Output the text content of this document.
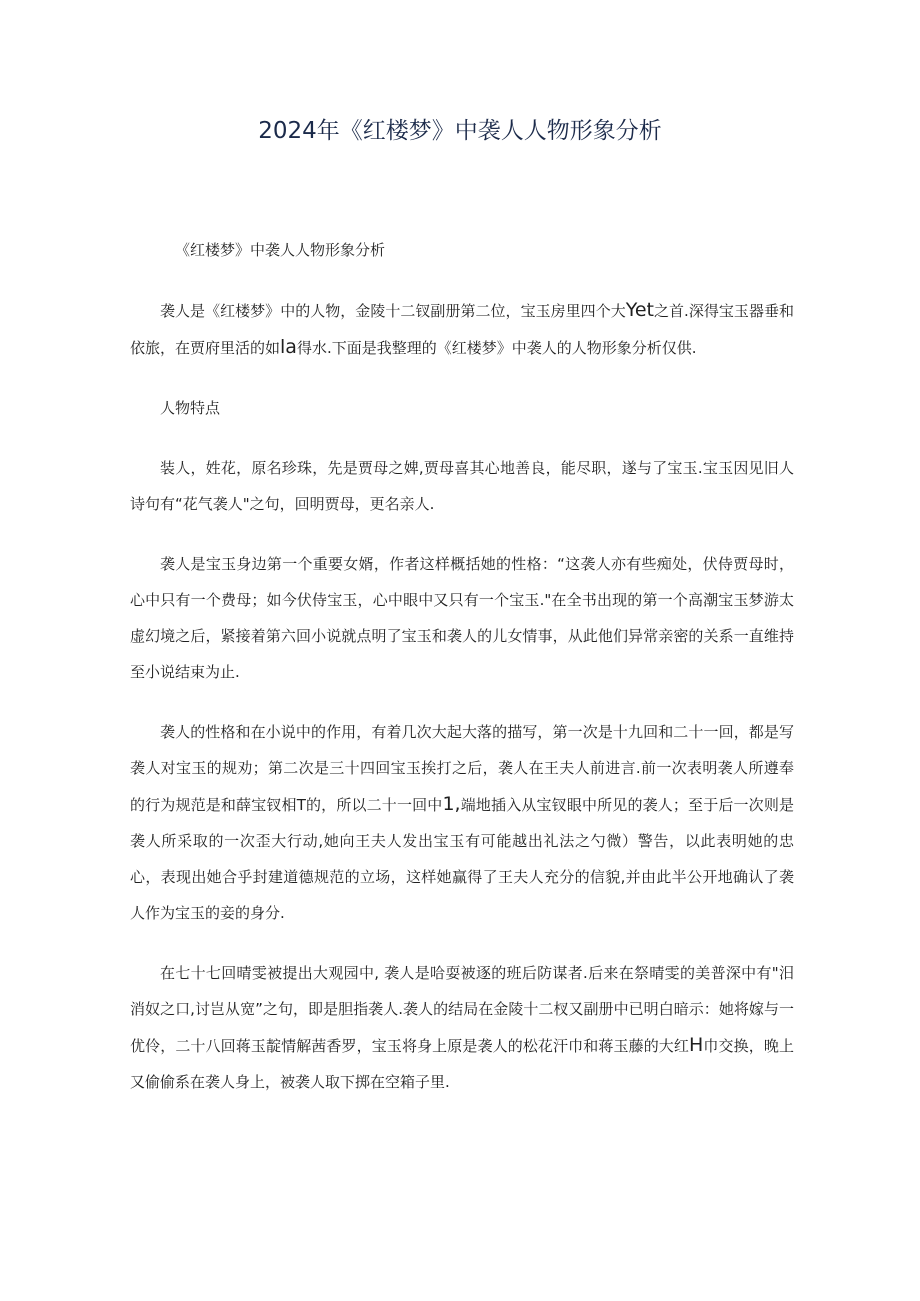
2024年《红楼梦》中袭人人物形象分析

《红楼梦》中袭人人物形象分析

袭人是《红楼梦》中的人物，金陵十二钗副册第二位，宝玉房里四个大Yet之首.深得宝玉器垂和依旅，在贾府里活的如la得水.下面是我整理的《红楼梦》中袭人的人物形象分析仅供.

人物特点

装人，姓花，原名珍珠，先是贾母之婢,贾母喜其心地善良，能尽职，遂与了宝玉.宝玉因见旧人诗句有“花气袭人"之句，回明贾母，更名亲人.

袭人是宝玉身边第一个重要女婿，作者这样概括她的性格：“这袭人亦有些痴处，伏侍贾母时，心中只有一个费母；如今伏侍宝玉，心中眼中又只有一个宝玉."在全书出现的第一个高潮宝玉梦游太虚幻境之后，紧接着第六回小说就点明了宝玉和袭人的儿女情事，从此他们异常亲密的关系一直维持至小说结束为止.

袭人的性格和在小说中的作用，有着几次大起大落的描写，第一次是十九回和二十一回，都是写袭人对宝玉的规劝；第二次是三十四回宝玉挨打之后，袭人在王夫人前进言.前一次表明袭人所遵奉的行为规范是和薛宝钗相T的，所以二十一回中1,端地插入从宝钗眼中所见的袭人；至于后一次则是袭人所采取的一次歪大行动,她向王夫人发出宝玉有可能越出礼法之勺微）警告，以此表明她的忠心，表现出她合乎封建道德规范的立场，这样她赢得了王夫人充分的信貌,并由此半公开地确认了袭人作为宝玉的妾的身分.

在七十七回晴雯被提出大观园中, 袭人是哈耍被逐的班后防谋者.后来在祭晴雯的美普深中有"汨消奴之口,讨岂从宽”之句，即是胆指袭人.袭人的结局在金陵十二杈又副册中已明白暗示：她将嫁与一优伶，二十八回蒋玉靛情解茜香罗，宝玉将身上原是袭人的松花汗巾和蒋玉藤的大红H巾交换，晚上又偷偷系在袭人身上，被袭人取下掷在空箱子里.
